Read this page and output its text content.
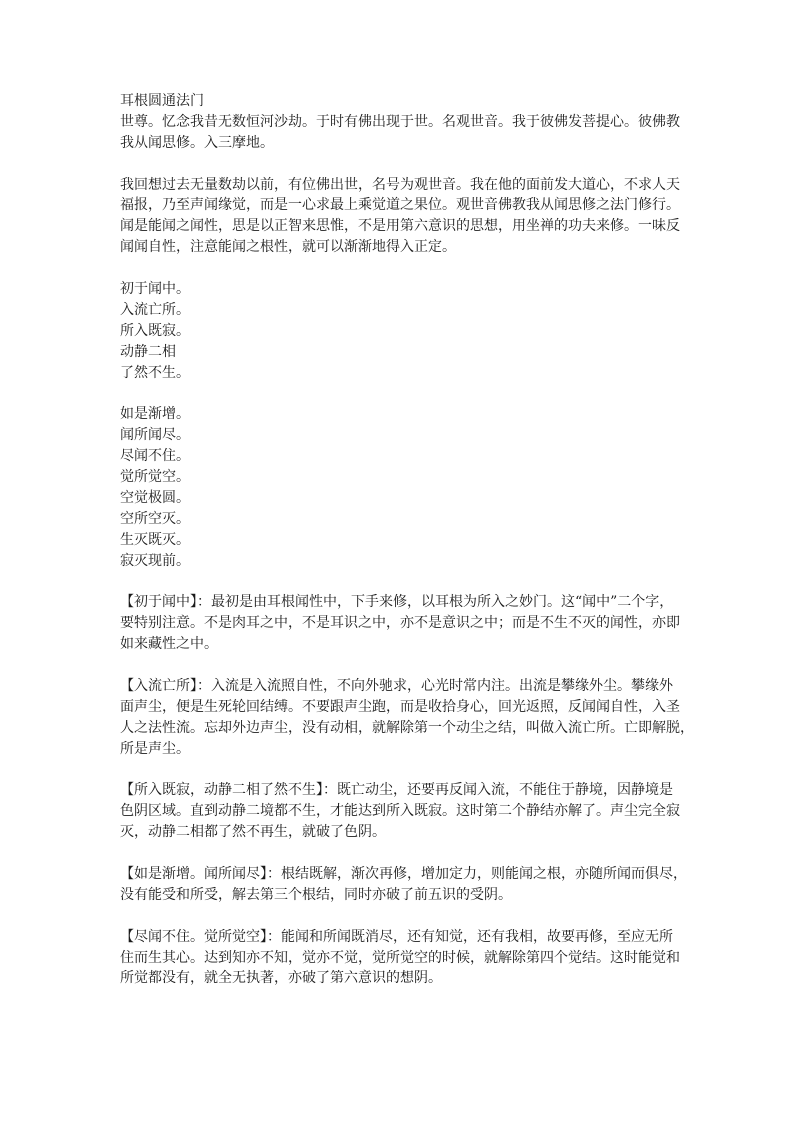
耳根圆通法门
世尊。忆念我昔无数恒河沙劫。于时有佛出现于世。名观世音。我于彼佛发菩提心。彼佛教
我从闻思修。入三摩地。
我回想过去无量数劫以前，有位佛出世，名号为观世音。我在他的面前发大道心，不求人天
福报，乃至声闻缘觉，而是一心求最上乘觉道之果位。观世音佛教我从闻思修之法门修行。
闻是能闻之闻性，思是以正智来思惟，不是用第六意识的思想，用坐禅的功夫来修。一味反
闻闻自性，注意能闻之根性，就可以渐渐地得入正定。
初于闻中。
入流亡所。
所入既寂。
动静二相
了然不生。
如是渐增。
闻所闻尽。
尽闻不住。
觉所觉空。
空觉极圆。
空所空灭。
生灭既灭。
寂灭现前。
【初于闻中】：最初是由耳根闻性中，下手来修，以耳根为所入之妙门。这“闻中”二个字，
要特别注意。不是肉耳之中，不是耳识之中，亦不是意识之中；而是不生不灭的闻性，亦即
如来藏性之中。
【入流亡所】：入流是入流照自性，不向外驰求，心光时常内注。出流是攀缘外尘。攀缘外
面声尘，便是生死轮回结缚。不要跟声尘跑，而是收拾身心，回光返照，反闻闻自性，入圣
人之法性流。忘却外边声尘，没有动相，就解除第一个动尘之结，叫做入流亡所。亡即解脱，
所是声尘。
【所入既寂，动静二相了然不生】：既亡动尘，还要再反闻入流，不能住于静境，因静境是
色阴区域。直到动静二境都不生，才能达到所入既寂。这时第二个静结亦解了。声尘完全寂
灭，动静二相都了然不再生，就破了色阴。
【如是渐增。闻所闻尽】：根结既解，渐次再修，增加定力，则能闻之根，亦随所闻而俱尽，
没有能受和所受，解去第三个根结，同时亦破了前五识的受阴。
【尽闻不住。觉所觉空】：能闻和所闻既消尽，还有知觉，还有我相，故要再修，至应无所
住而生其心。达到知亦不知，觉亦不觉，觉所觉空的时候，就解除第四个觉结。这时能觉和
所觉都没有，就全无执著，亦破了第六意识的想阴。
